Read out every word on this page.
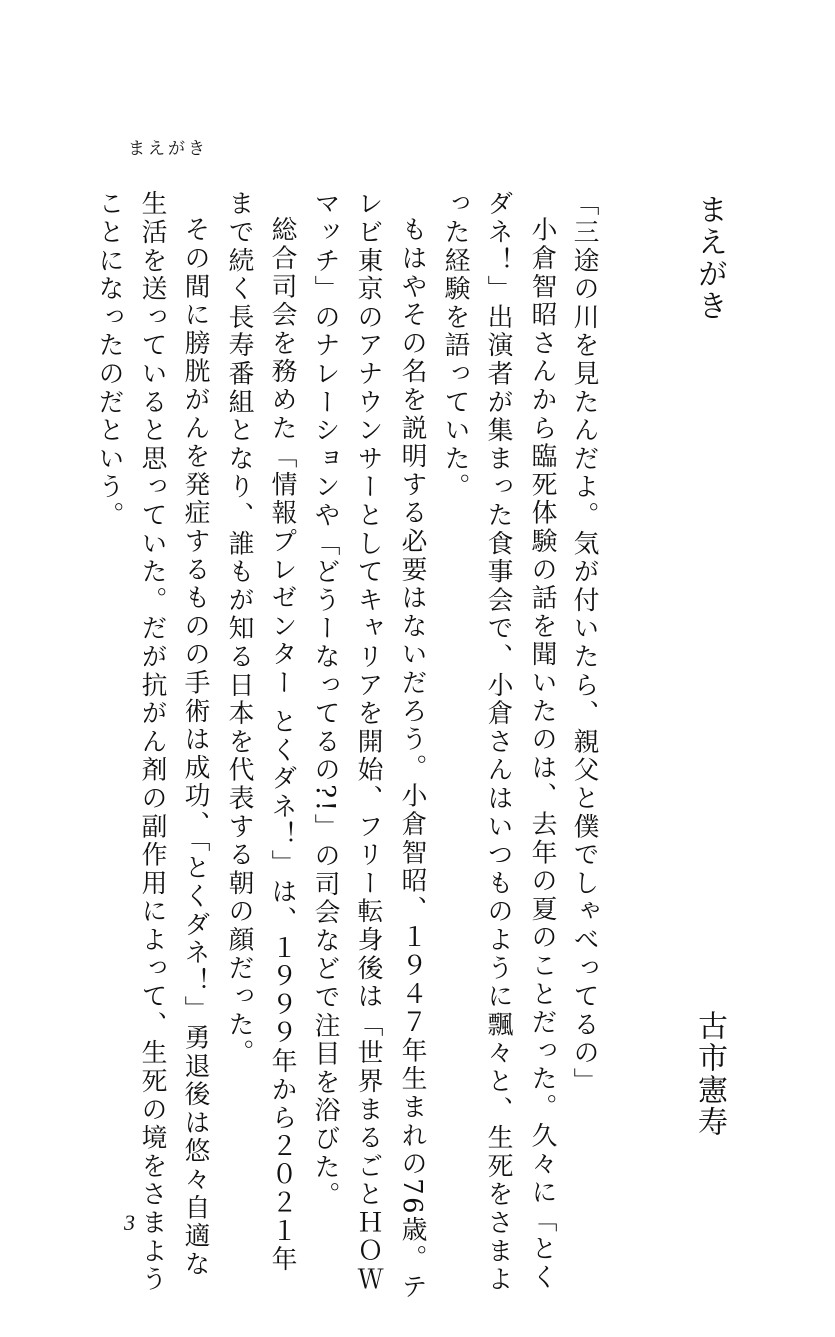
まえがき
まえがき
古市憲寿
「三途の川を見たんだよ。気が付いたら、親父と僕でしゃべってるの」
小倉智昭さんから臨死体験の話を聞いたのは、去年の夏のことだった。久々に「とく
ダネ！」出演者が集まった食事会で、小倉さんはいつものように飄々と、生死をさまよ
った経験を語っていた。
もはやその名を説明する必要はないだろう。小倉智昭、１９４７年生まれの76歳。テ
レビ東京のアナウンサーとしてキャリアを開始、フリー転身後は「世界まるごとＨＯＷ
マッチ」のナレーションや「どうーなってるの?!」の司会などで注目を浴びた。
総合司会を務めた「情報プレゼンター とくダネ！」は、１９９９年から２０２１年
まで続く長寿番組となり、誰もが知る日本を代表する朝の顔だった。
その間に膀胱がんを発症するものの手術は成功、「とくダネ！」勇退後は悠々自適な
生活を送っていると思っていた。だが抗がん剤の副作用によって、生死の境をさまよう
ことになったのだという。
3
